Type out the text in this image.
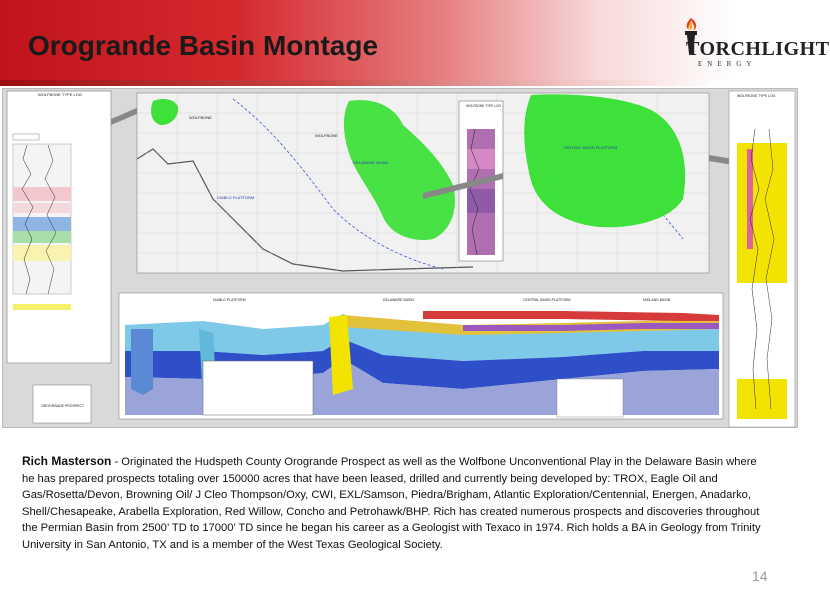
Orogrande Basin Montage	TORCHLIGHT
ENERGY
WOLFBONE TYPE LOG
OROGRANDE PROSPECT
WOLFBONE
WOLFBONE
DELAWARE BASIN
CENTRAL BASIN PLATFORM
DIABLO PLATFORM
WOLFBONE TYPE LOG
WOLFBONE TYPE LOG
DIABLO PLATFORM	DELAWARE BASIN	CENTRAL BASIN PLATFORM	MIDLAND BASIN
Rich Masterson - Originated the Hudspeth County Orogrande Prospect as well as the Wolfbone Unconventional Play in the Delaware Basin where he has prepared prospects totaling over 150000 acres that have been leased, drilled and currently being developed by: TROX, Eagle Oil and Gas/Rosetta/Devon, Browning Oil/ J Cleo Thompson/Oxy, CWI, EXL/Samson, Piedra/Brigham, Atlantic Exploration/Centennial, Energen, Anadarko, Shell/Chesapeake, Arabella Exploration, Red Willow, Concho and Petrohawk/BHP. Rich has created numerous prospects and discoveries throughout the Permian Basin from 2500’ TD to 17000’ TD since he began his career as a Geologist with Texaco in 1974. Rich holds a BA in Geology from Trinity University in San Antonio, TX and is a member of the West Texas Geological Society.
14
